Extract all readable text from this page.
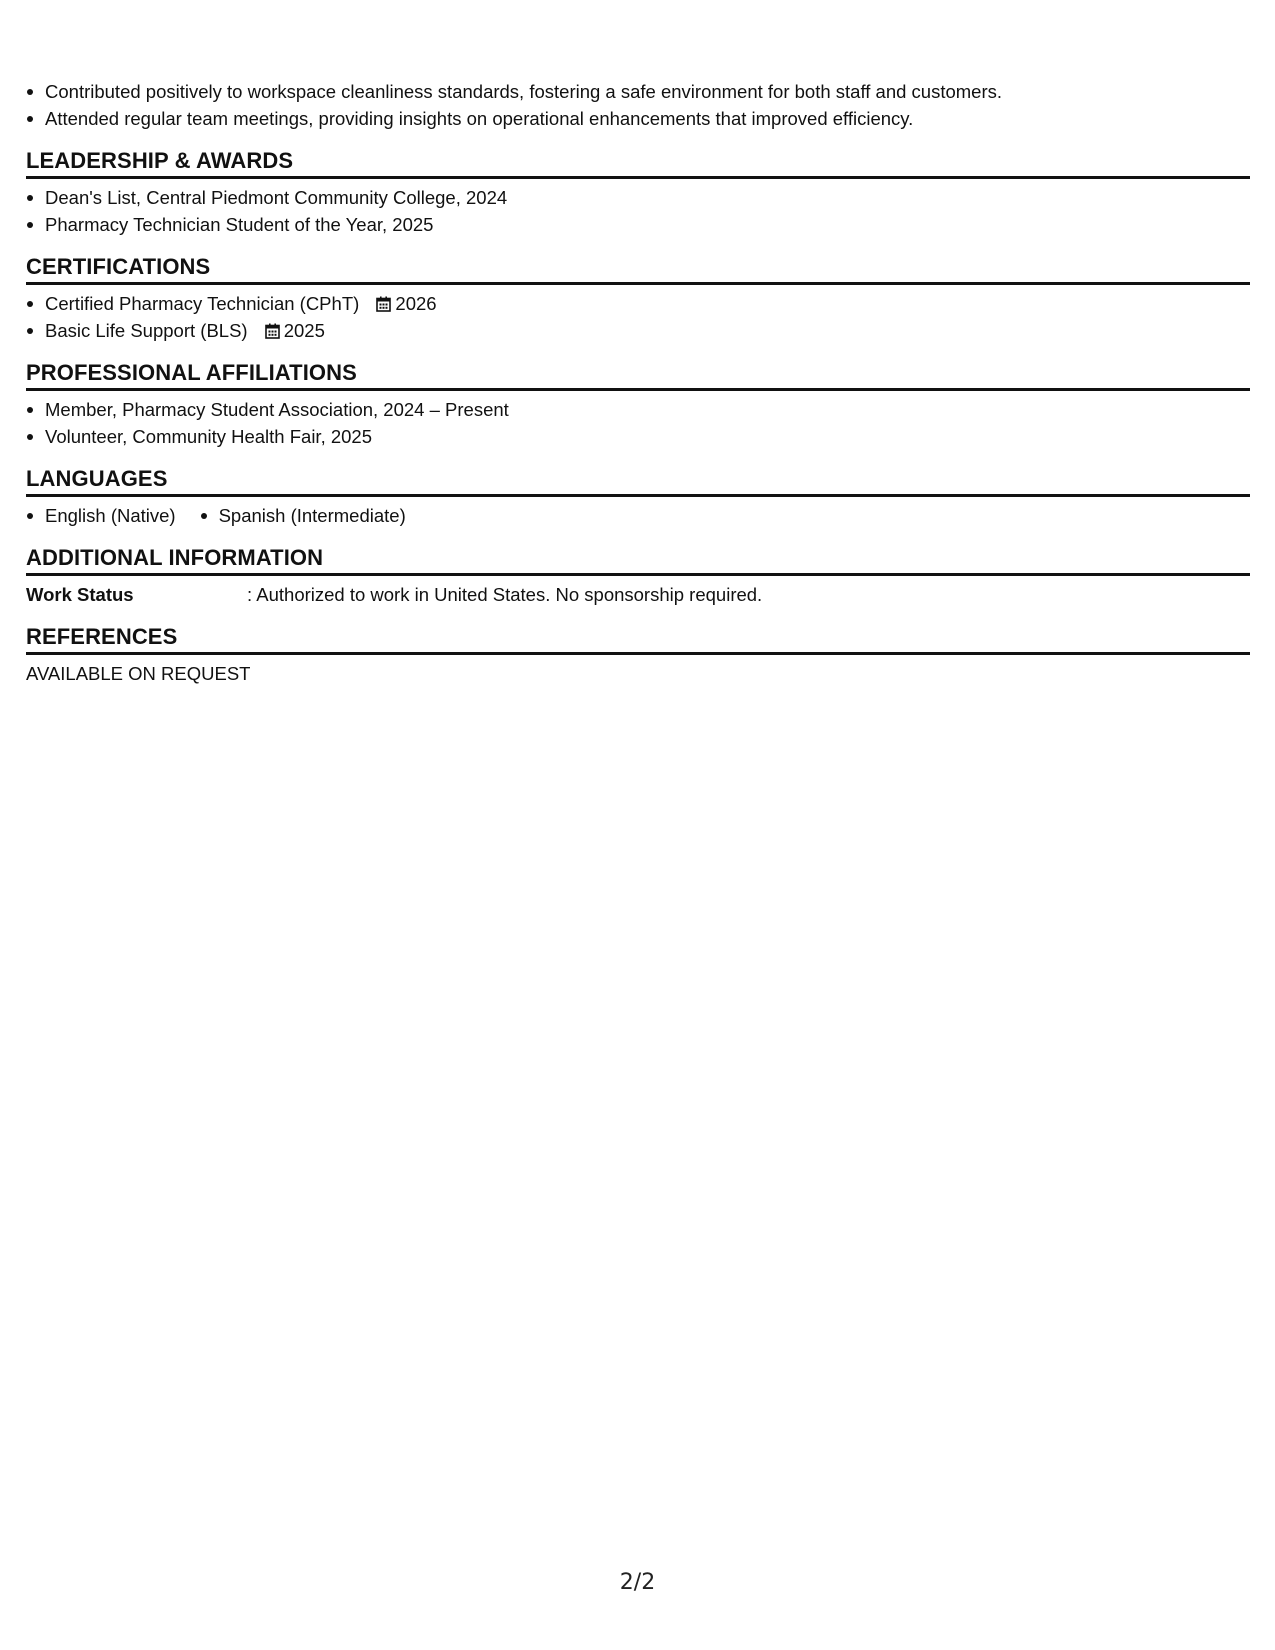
Contributed positively to workspace cleanliness standards, fostering a safe environment for both staff and customers.
Attended regular team meetings, providing insights on operational enhancements that improved efficiency.
LEADERSHIP & AWARDS
Dean's List, Central Piedmont Community College, 2024
Pharmacy Technician Student of the Year, 2025
CERTIFICATIONS
Certified Pharmacy Technician (CPhT) 2026
Basic Life Support (BLS) 2025
PROFESSIONAL AFFILIATIONS
Member, Pharmacy Student Association, 2024 – Present
Volunteer, Community Health Fair, 2025
LANGUAGES
English (Native)	Spanish (Intermediate)
ADDITIONAL INFORMATION
Work Status	: Authorized to work in United States. No sponsorship required.
REFERENCES
AVAILABLE ON REQUEST
2/2
